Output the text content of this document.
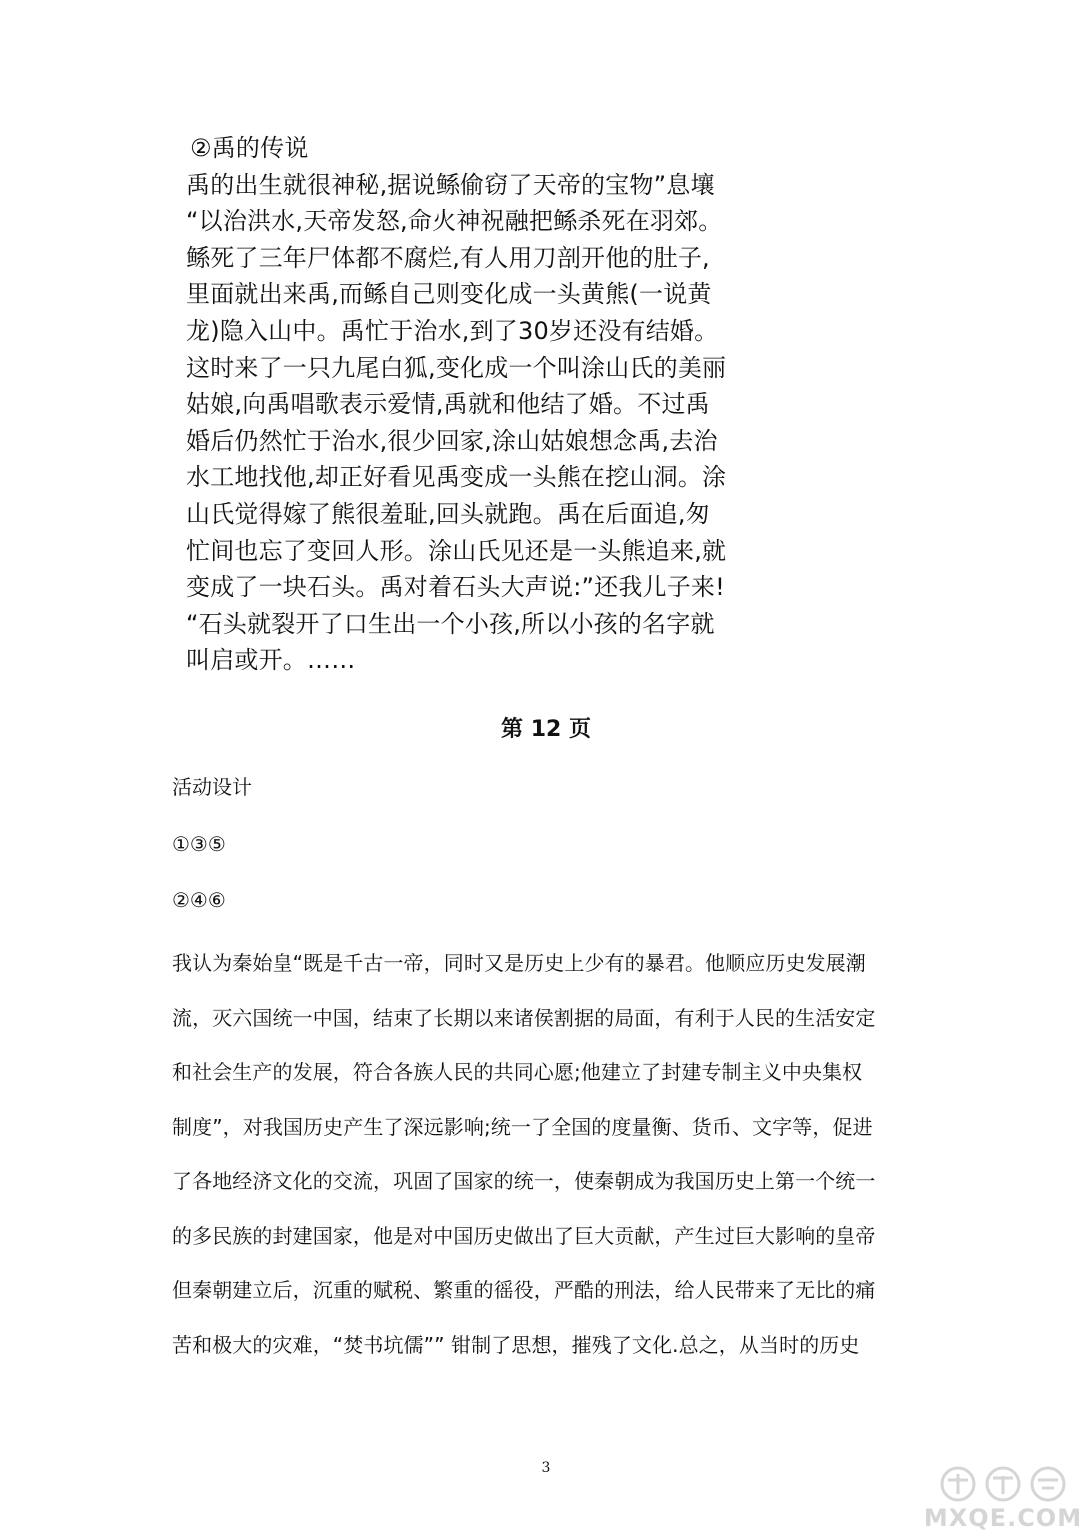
②禹的传说
禹的出生就很神秘,据说鲧偷窃了天帝的宝物”息壤
“以治洪水,天帝发怒,命火神祝融把鲧杀死在羽郊。
鲧死了三年尸体都不腐烂,有人用刀剖开他的肚子,
里面就出来禹,而鲧自己则变化成一头黄熊(一说黄
龙)隐入山中。禹忙于治水,到了30岁还没有结婚。
这时来了一只九尾白狐,变化成一个叫涂山氏的美丽
姑娘,向禹唱歌表示爱情,禹就和他结了婚。不过禹
婚后仍然忙于治水,很少回家,涂山姑娘想念禹,去治
水工地找他,却正好看见禹变成一头熊在挖山洞。涂
山氏觉得嫁了熊很羞耻,回头就跑。禹在后面追,匆
忙间也忘了变回人形。涂山氏见还是一头熊追来,就
变成了一块石头。禹对着石头大声说:”还我儿子来!
“石头就裂开了口生出一个小孩,所以小孩的名字就
叫启或开。……
第 12 页
活动设计
①③⑤
②④⑥
我认为秦始皇“既是千古一帝，同时又是历史上少有的暴君。他顺应历史发展潮
流，灭六国统一中国，结束了长期以来诸侯割据的局面，有利于人民的生活安定
和社会生产的发展，符合各族人民的共同心愿;他建立了封建专制主义中央集权
制度”，对我国历史产生了深远影响;统一了全国的度量衡、货币、文字等，促进
了各地经济文化的交流，巩固了国家的统一，使秦朝成为我国历史上第一个统一
的多民族的封建国家，他是对中国历史做出了巨大贡献，产生过巨大影响的皇帝
但秦朝建立后，沉重的赋税、繁重的徭役，严酷的刑法，给人民带来了无比的痛
苦和极大的灾难，“焚书坑儒”” 钳制了思想，摧残了文化.总之，从当时的历史
3
MXQE.COM
